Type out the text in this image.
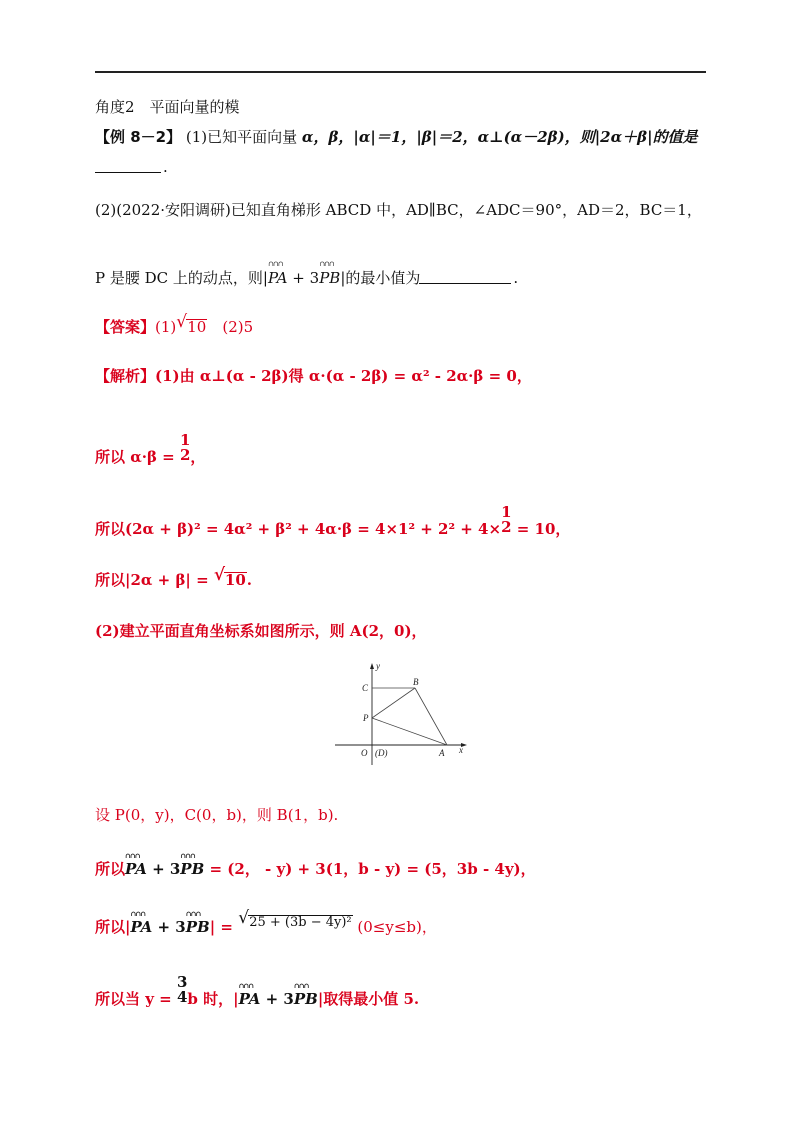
角度2　平面向量的模
【例 8－2】 (1)已知平面向量 α，β，|α|＝1，|β|＝2，α⊥(α－2β)，则|2α＋β|的值是
.
(2)(2022·安阳调研)已知直角梯形 ABCD 中，AD∥BC，∠ADC＝90°，AD＝2，BC＝1，
P 是腰 DC 上的动点，则|∩∩∩ PA + 3∩∩∩ PB|的最小值为	.
【答案】(1) √ 10　(2)5
【解析】(1)由 α⊥(α - 2β)得 α·(α - 2β) = α² - 2α·β = 0，
所以 α·β =
1
2 ，
所以(2α + β)² = 4α² + β² + 4α·β = 4×1² + 2² + 4×
1
2 = 10，
所以|2α + β| = √ 10.
(2)建立平面直角坐标系如图所示，则 A(2，0)，
y
x
O (D)	A
B
C
P
设 P(0，y)，C(0，b)，则 B(1，b).
所以∩∩∩ PA + 3∩∩∩ PB = (2， - y) + 3(1，b - y) = (5，3b - 4y)，
所以|∩∩∩ PA + 3∩∩∩ PB| = √ 25 + (3b − 4y)² (0≤y≤b)，
所以当 y =
3
4 b 时，|∩∩∩ PA + 3∩∩∩ PB|取得最小值 5.
